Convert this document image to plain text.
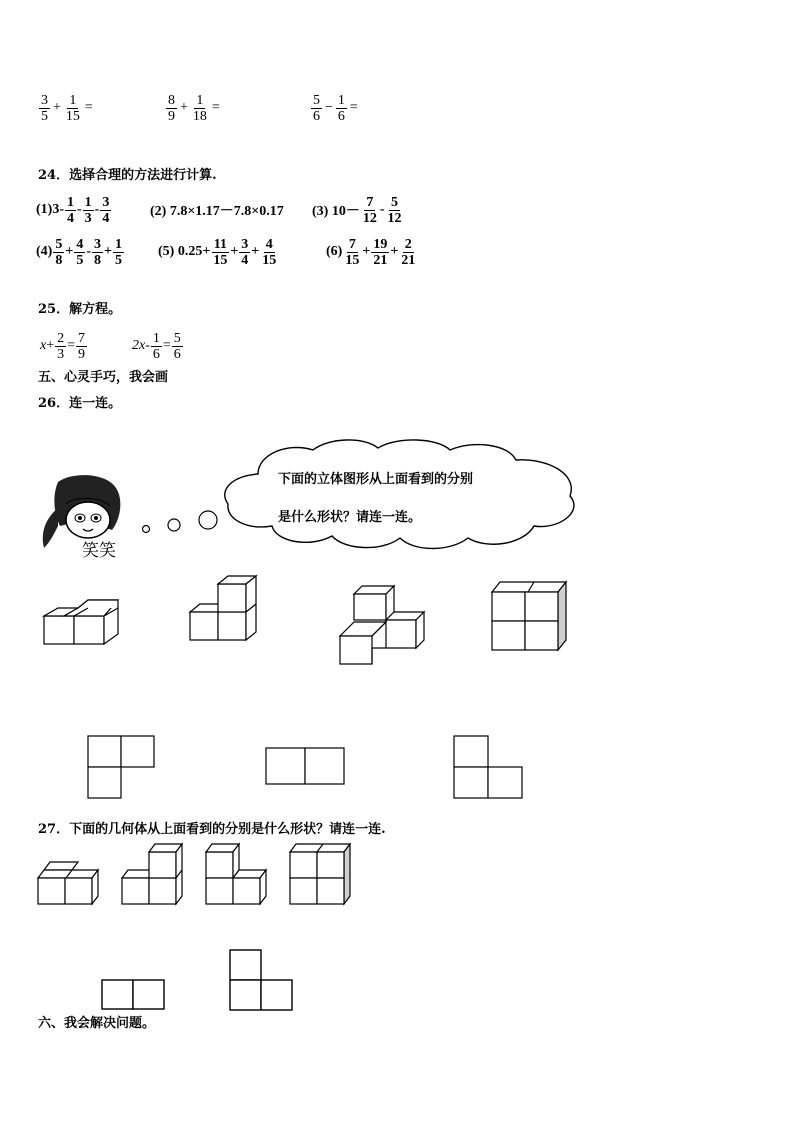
$\frac{3}{5} + \frac{1}{15}$ =	$\frac{8}{9} + \frac{1}{18}$ =	$\frac{5}{6} - \frac{1}{6}$ =
24．选择合理的方法进行计算.
$(1)3- \frac{1}{4} - \frac{1}{3} - \frac{3}{4}$	(2) 7.8×1.17－7.8×0.17 (3) $10- \frac{7}{12} - \frac{5}{12}$
$(4) \frac{5}{8} + \frac{4}{5} - \frac{3}{8} + \frac{1}{5} (5)$ $0.25+ \frac{11}{15} + \frac{3}{4} + \frac{4}{15}$	$(6) \frac{7}{15} + \frac{19}{21} + \frac{2}{21}$
25．解方程。
$x + \frac{2}{3} = \frac{7}{9}$	$2x - \frac{1}{6} = \frac{5}{6}$
五、心灵手巧，我会画
26．连一连。
笑笑
下面的立体图形从上面看到的分别
是什么形状？请连一连。
27．下面的几何体从上面看到的分别是什么形状？请连一连.
六、我会解决问题。
